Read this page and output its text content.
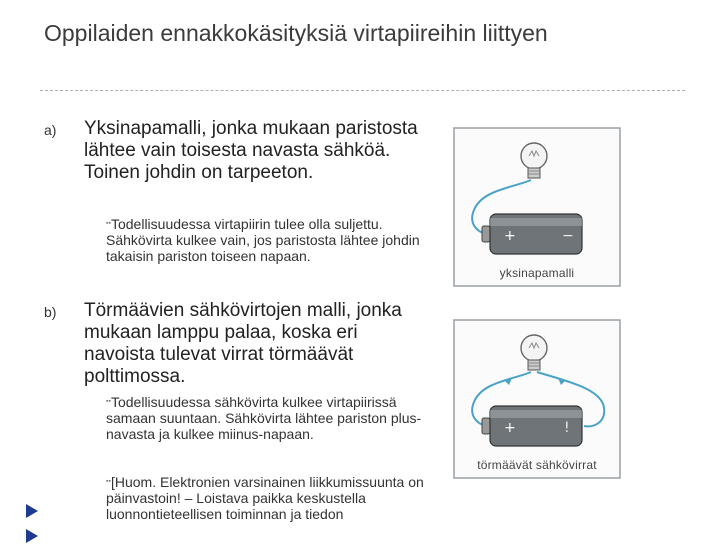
Oppilaiden ennakkokäsityksiä virtapiireihin liittyen
a) Yksinapamalli, jonka mukaan paristosta lähtee vain toisesta navasta sähköä. Toinen johdin on tarpeeton.
▪▪Todellisuudessa virtapiirin tulee olla suljettu. Sähkövirta kulkee vain, jos paristosta lähtee johdin takaisin pariston toiseen napaan.
b) Törmäävien sähkövirtojen malli, jonka mukaan lamppu palaa, koska eri navoista tulevat virrat törmäävät polttimossa.
▪▪Todellisuudessa sähkövirta kulkee virtapiirissä samaan suuntaan. Sähkövirta lähtee pariston plus-navasta ja kulkee miinus-napaan.
▪▪[Huom. Elektronien varsinainen liikkumissuunta on päinvastoin! – Loistava paikka keskustella luonnontieteellisen toiminnan ja tiedon
+	−
yksinapamalli
+	!
törmäävät sähkövirrat
